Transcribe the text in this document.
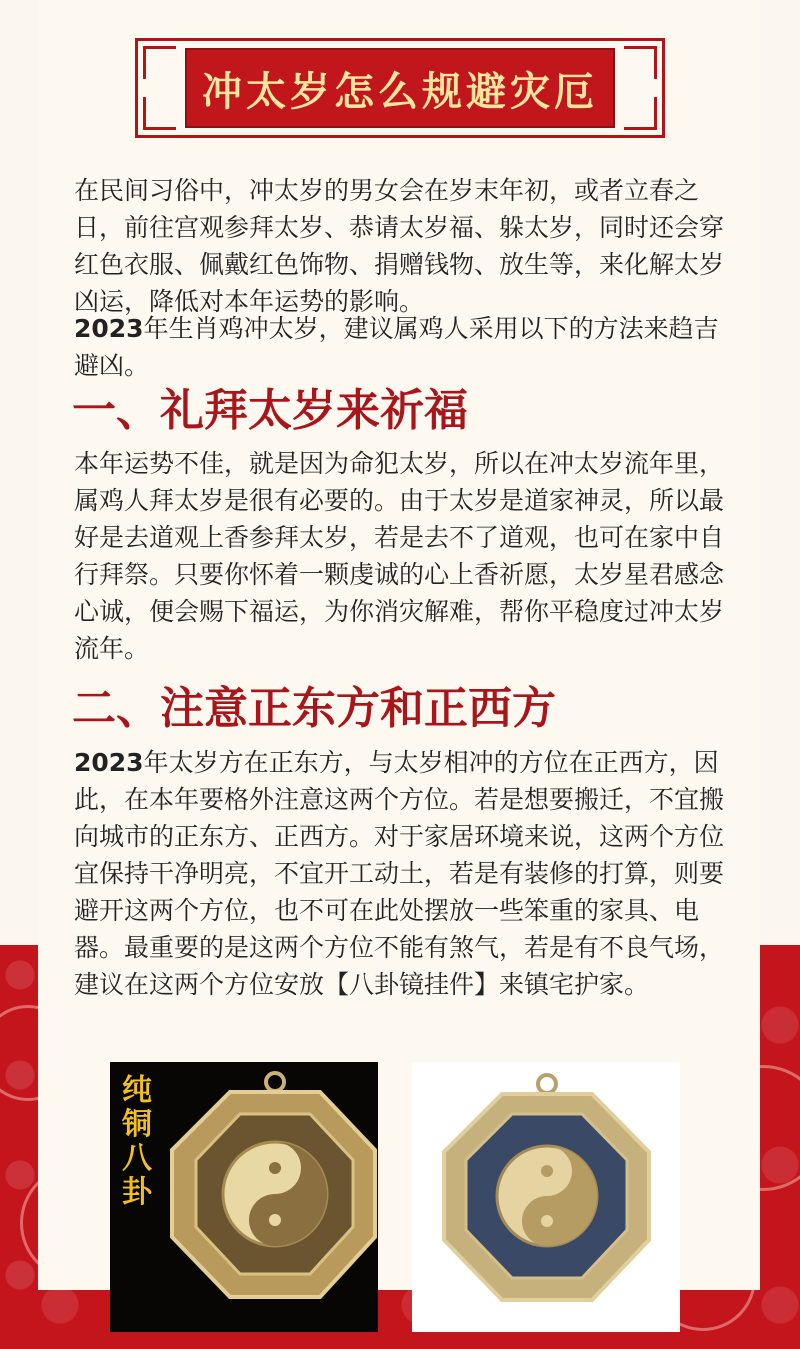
冲太岁怎么规避灾厄

在民间习俗中，冲太岁的男女会在岁末年初，或者立春之日，前往宫观参拜太岁、恭请太岁福、躲太岁，同时还会穿红色衣服、佩戴红色饰物、捐赠钱物、放生等，来化解太岁凶运，降低对本年运势的影响。

2023年生肖鸡冲太岁，建议属鸡人采用以下的方法来趋吉避凶。

一、礼拜太岁来祈福

本年运势不佳，就是因为命犯太岁，所以在冲太岁流年里，属鸡人拜太岁是很有必要的。由于太岁是道家神灵，所以最好是去道观上香参拜太岁，若是去不了道观，也可在家中自行拜祭。只要你怀着一颗虔诚的心上香祈愿，太岁星君感念心诚，便会赐下福运，为你消灾解难，帮你平稳度过冲太岁流年。

二、注意正东方和正西方

2023年太岁方在正东方，与太岁相冲的方位在正西方，因此，在本年要格外注意这两个方位。若是想要搬迁，不宜搬向城市的正东方、正西方。对于家居环境来说，这两个方位宜保持干净明亮，不宜开工动土，若是有装修的打算，则要避开这两个方位，也不可在此处摆放一些笨重的家具、电器。最重要的是这两个方位不能有煞气，若是有不良气场，建议在这两个方位安放【八卦镜挂件】来镇宅护家。

纯铜八卦
